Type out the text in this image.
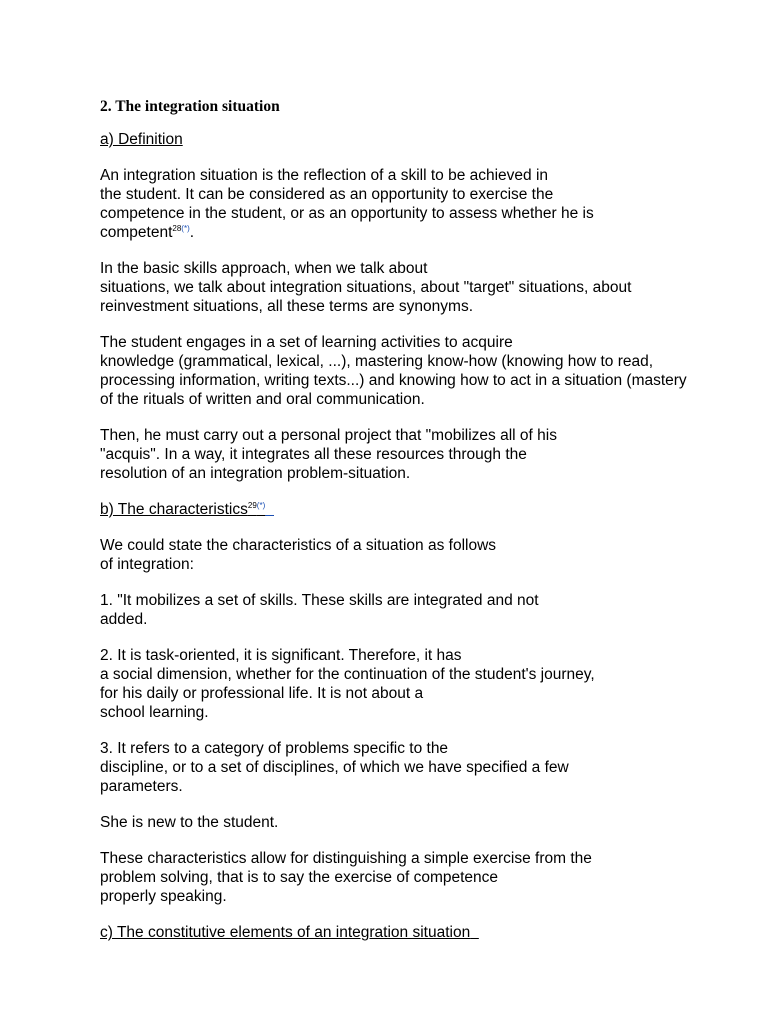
2. The integration situation
a) Definition
An integration situation is the reflection of a skill to be achieved in
the student. It can be considered as an opportunity to exercise the
competence in the student, or as an opportunity to assess whether he is
competent$^{28(*)}$.
In the basic skills approach, when we talk about
situations, we talk about integration situations, about "target" situations, about
reinvestment situations, all these terms are synonyms.
The student engages in a set of learning activities to acquire
knowledge (grammatical, lexical, ...), mastering know-how (knowing how to read,
processing information, writing texts...) and knowing how to act in a situation (mastery
of the rituals of written and oral communication.
Then, he must carry out a personal project that "mobilizes all of his
"acquis". In a way, it integrates all these resources through the
resolution of an integration problem-situation.
b) The characteristics$^{29(*)}$
We could state the characteristics of a situation as follows
of integration:
1. "It mobilizes a set of skills. These skills are integrated and not
added.
2. It is task-oriented, it is significant. Therefore, it has
a social dimension, whether for the continuation of the student's journey,
for his daily or professional life. It is not about a
school learning.
3. It refers to a category of problems specific to the
discipline, or to a set of disciplines, of which we have specified a few
parameters.
She is new to the student.
These characteristics allow for distinguishing a simple exercise from the
problem solving, that is to say the exercise of competence
properly speaking.
c) The constitutive elements of an integration situation
